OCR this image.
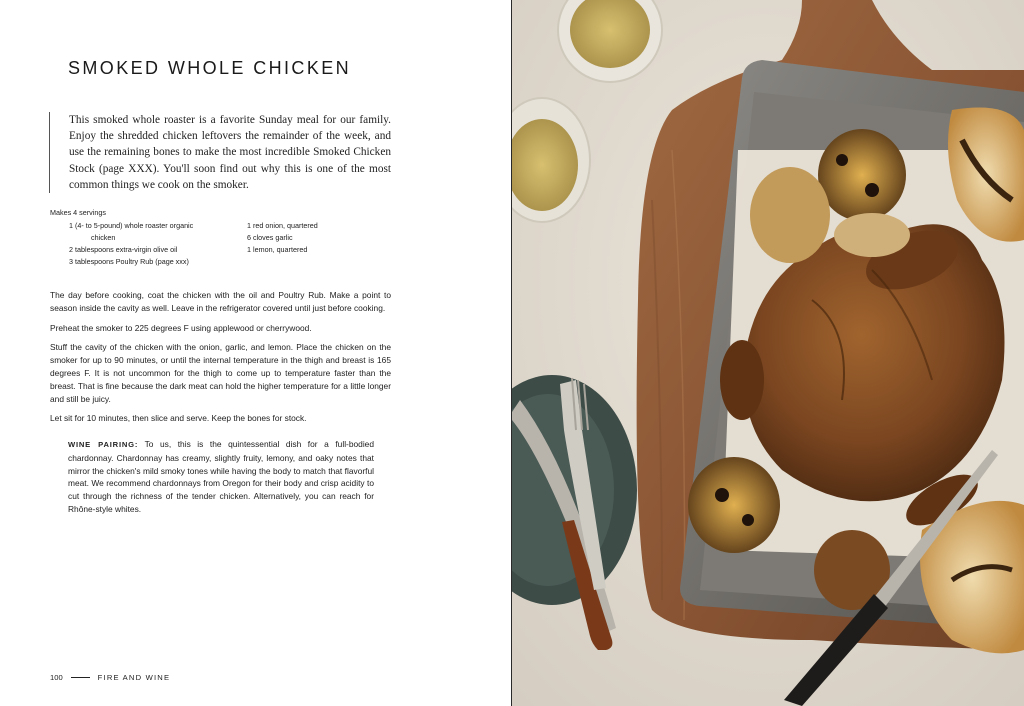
SMOKED WHOLE CHICKEN

This smoked whole roaster is a favorite Sunday meal for our family. Enjoy the shredded chicken leftovers the remainder of the week, and use the remaining bones to make the most incredible Smoked Chicken Stock (page XXX). You'll soon find out why this is one of the most common things we cook on the smoker.

Makes 4 servings

1 (4- to 5-pound) whole roaster organic
chicken
2 tablespoons extra-virgin olive oil
3 tablespoons Poultry Rub (page xxx)
1 red onion, quartered
6 cloves garlic
1 lemon, quartered

The day before cooking, coat the chicken with the oil and Poultry Rub. Make a point to season inside the cavity as well. Leave in the refrigerator covered until just before cooking.

Preheat the smoker to 225 degrees F using applewood or cherrywood.

Stuff the cavity of the chicken with the onion, garlic, and lemon. Place the chicken on the smoker for up to 90 minutes, or until the internal temperature in the thigh and breast is 165 degrees F. It is not uncommon for the thigh to come up to temperature faster than the breast. That is fine because the dark meat can hold the higher temperature for a little longer and still be juicy.

Let sit for 10 minutes, then slice and serve. Keep the bones for stock.

WINE PAIRING: To us, this is the quintessential dish for a full-bodied chardonnay. Chardonnay has creamy, slightly fruity, lemony, and oaky notes that mirror the chicken's mild smoky tones while having the body to match that flavorful meat. We recommend chardonnays from Oregon for their body and crisp acidity to cut through the richness of the tender chicken. Alternatively, you can reach for Rhône-style whites.

100	FIRE AND WINE
